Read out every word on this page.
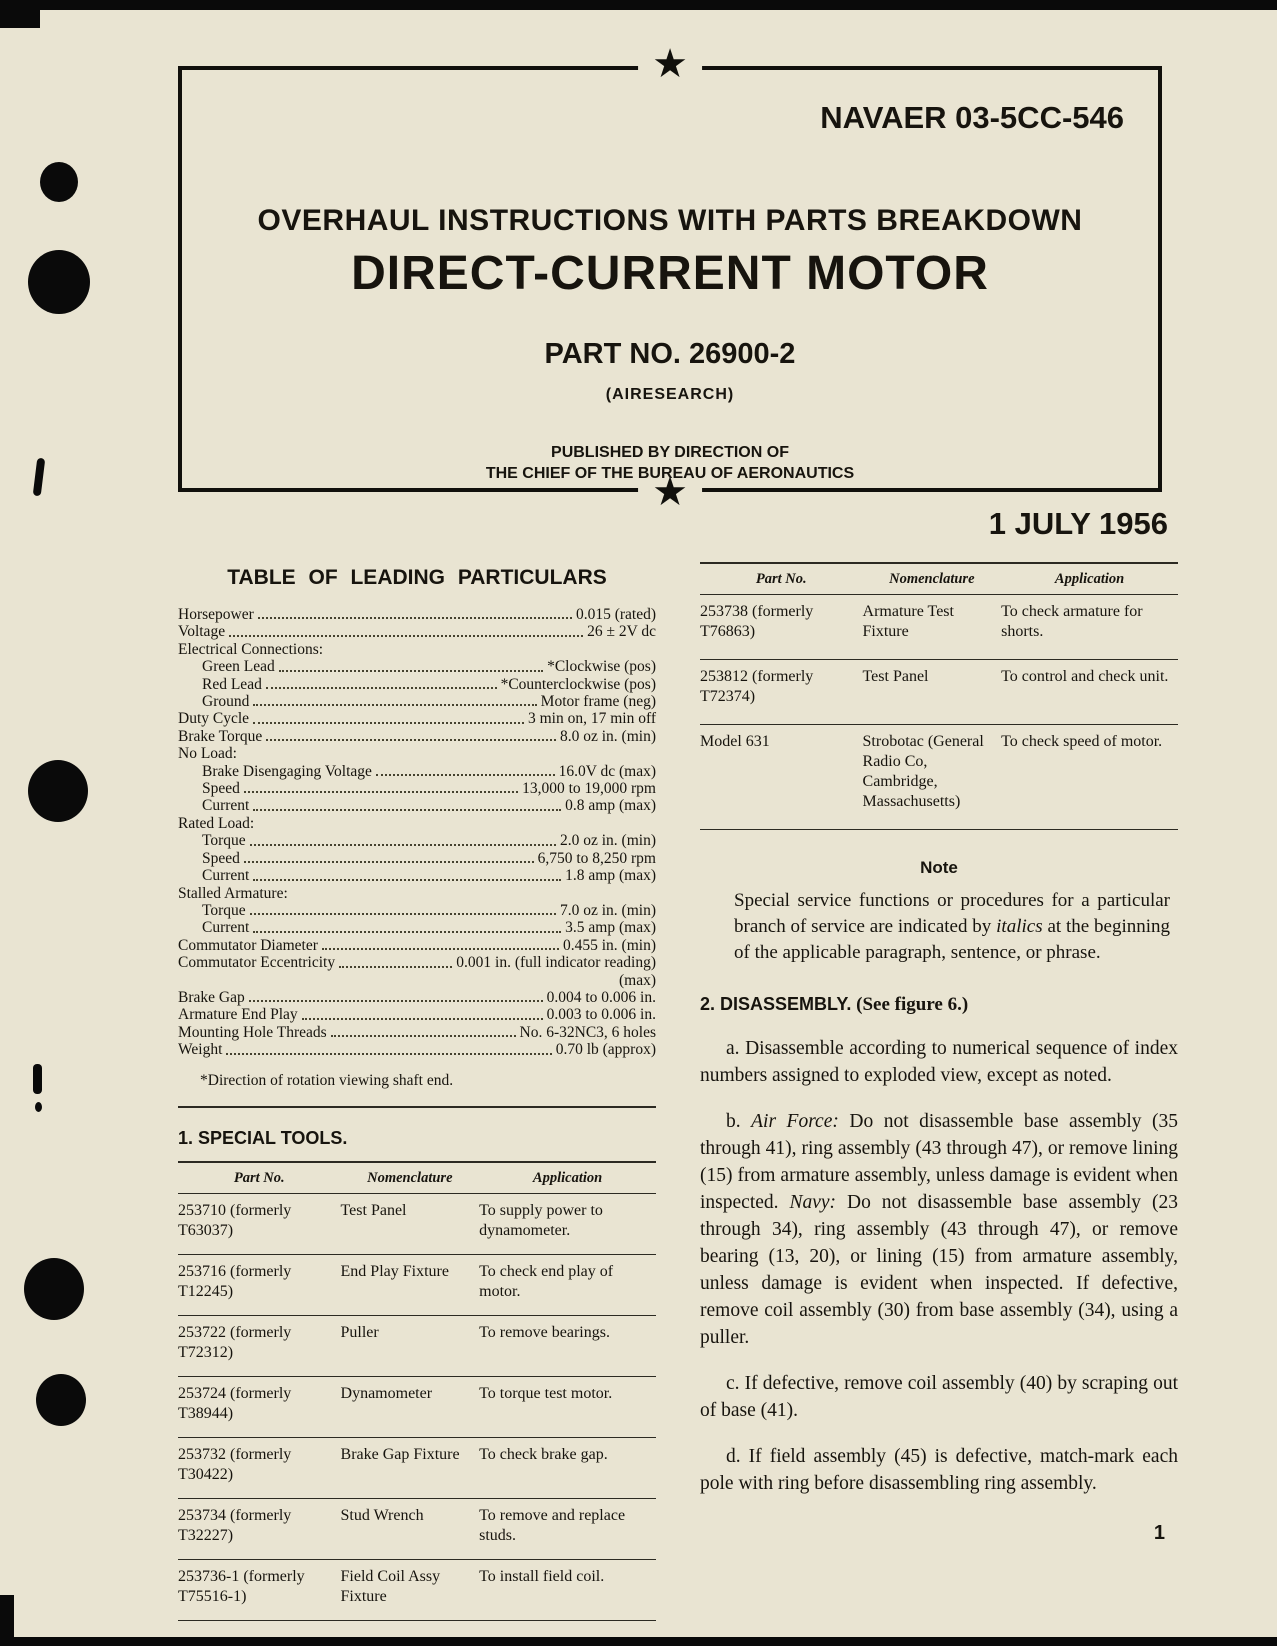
★
★
NAVAER 03-5CC-546
OVERHAUL INSTRUCTIONS WITH PARTS BREAKDOWN
DIRECT-CURRENT MOTOR
PART NO. 26900-2
(AIRESEARCH)
PUBLISHED BY DIRECTION OF
THE CHIEF OF THE BUREAU OF AERONAUTICS
1 JULY 1956
TABLE OF LEADING PARTICULARS
Horsepower	0.015 (rated)
Voltage	26 ± 2V dc
Electrical Connections:
Green Lead	*Clockwise (pos)
Red Lead	*Counterclockwise (pos)
Ground	Motor frame (neg)
Duty Cycle	3 min on, 17 min off
Brake Torque	8.0 oz in. (min)
No Load:
Brake Disengaging Voltage	16.0V dc (max)
Speed	13,000 to 19,000 rpm
Current	0.8 amp (max)
Rated Load:
Torque	2.0 oz in. (min)
Speed	6,750 to 8,250 rpm
Current	1.8 amp (max)
Stalled Armature:
Torque	7.0 oz in. (min)
Current	3.5 amp (max)
Commutator Diameter	0.455 in. (min)
Commutator Eccentricity	0.001 in. (full indicator reading)
(max)
Brake Gap	0.004 to 0.006 in.
Armature End Play	0.003 to 0.006 in.
Mounting Hole Threads	No. 6-32NC3, 6 holes
Weight	0.70 lb (approx)
*Direction of rotation viewing shaft end.
1. SPECIAL TOOLS.
Part No.	Nomenclature	Application
253710 (formerly T63037)	Test Panel	To supply power to dynamometer.
253716 (formerly T12245)	End Play Fixture	To check end play of motor.
253722 (formerly T72312)	Puller	To remove bearings.
253724 (formerly T38944)	Dynamometer	To torque test motor.
253732 (formerly T30422)	Brake Gap Fixture	To check brake gap.
253734 (formerly T32227)	Stud Wrench	To remove and replace studs.
253736-1 (formerly T75516-1)	Field Coil Assy Fixture	To install field coil.
Part No.	Nomenclature	Application
253738 (formerly T76863)	Armature Test Fixture	To check armature for shorts.
253812 (formerly T72374)	Test Panel	To control and check unit.
Model 631	Strobotac (General Radio Co, Cambridge, Massachusetts)	To check speed of motor.
Note

Special service functions or procedures for a particular branch of service are indicated by italics at the beginning of the applicable paragraph, sentence, or phrase.

2. DISASSEMBLY. (See figure 6.)

a. Disassemble according to numerical sequence of index numbers assigned to exploded view, except as noted.

b. Air Force: Do not disassemble base assembly (35 through 41), ring assembly (43 through 47), or remove lining (15) from armature assembly, unless damage is evident when inspected. Navy: Do not disassemble base assembly (23 through 34), ring assembly (43 through 47), or remove bearing (13, 20), or lining (15) from armature assembly, unless damage is evident when inspected. If defective, remove coil assembly (30) from base assembly (34), using a puller.

c. If defective, remove coil assembly (40) by scraping out of base (41).

d. If field assembly (45) is defective, match-mark each pole with ring before disassembling ring assembly.

1
